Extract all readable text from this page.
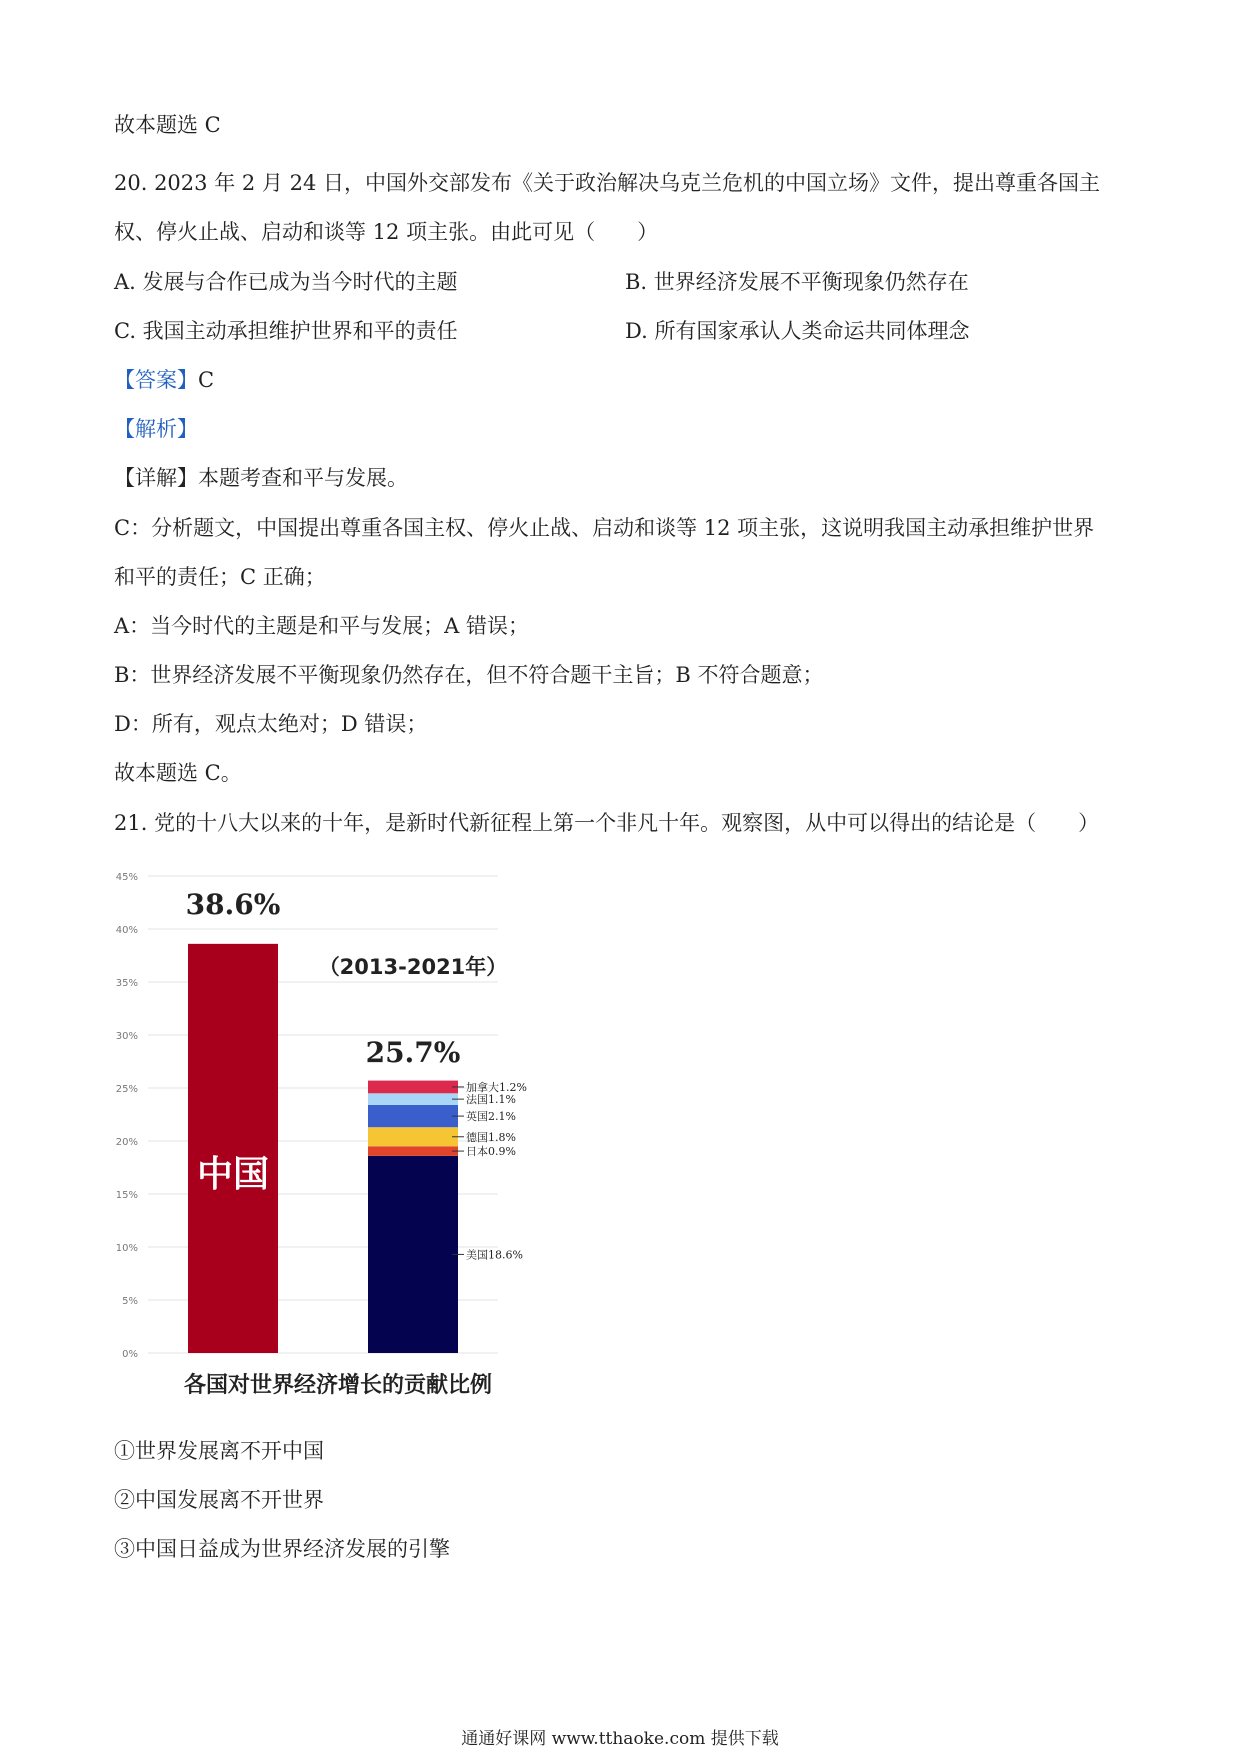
故本题选 C
20. 2023 年 2 月 24 日，中国外交部发布《关于政治解决乌克兰危机的中国立场》文件，提出尊重各国主
权、停火止战、启动和谈等 12 项主张。由此可见（　　）
A. 发展与合作已成为当今时代的主题	B. 世界经济发展不平衡现象仍然存在
C. 我国主动承担维护世界和平的责任	D. 所有国家承认人类命运共同体理念
【答案】C
【解析】
【详解】本题考查和平与发展。
C：分析题文，中国提出尊重各国主权、停火止战、启动和谈等 12 项主张，这说明我国主动承担维护世界
和平的责任；C 正确；
A：当今时代的主题是和平与发展；A 错误；
B：世界经济发展不平衡现象仍然存在，但不符合题干主旨；B 不符合题意；
D：所有，观点太绝对；D 错误；
故本题选 C。
21. 党的十八大以来的十年，是新时代新征程上第一个非凡十年。观察图，从中可以得出的结论是（　　）
0%
5%
10%
15%
20%
25%
30%
35%
40%
45%
美国18.6%
日本0.9%
德国1.8%
英国2.1%
法国1.1%
加拿大1.2%
38.6%
25.7%
（2013-2021年）
中国
各国对世界经济增长的贡献比例
①世界发展离不开中国
②中国发展离不开世界
③中国日益成为世界经济发展的引擎
通通好课网 www.tthaoke.com 提供下载
